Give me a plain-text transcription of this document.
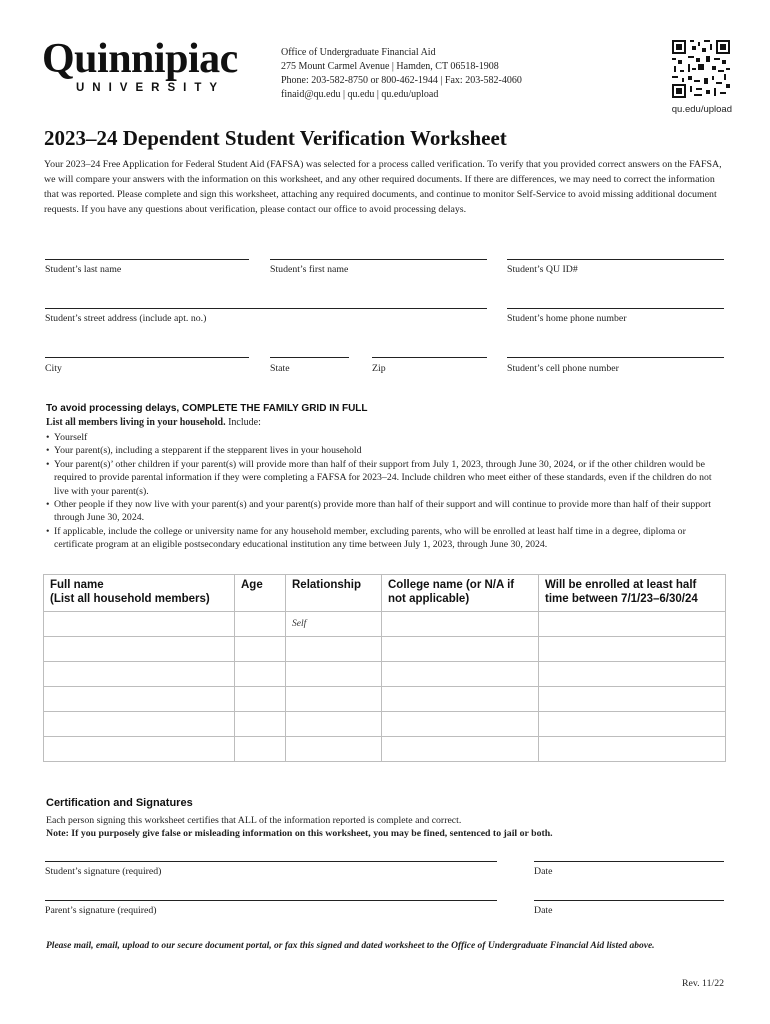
Quinnipiac
UNIVERSITY
Office of Undergraduate Financial Aid
275 Mount Carmel Avenue | Hamden, CT 06518-1908
Phone: 203-582-8750 or 800-462-1944 | Fax: 203-582-4060
finaid@qu.edu | qu.edu | qu.edu/upload
qu.edu/upload
2023–24 Dependent Student Verification Worksheet
Your 2023–24 Free Application for Federal Student Aid (FAFSA) was selected for a process called verification. To verify that you provided correct answers on the FAFSA, we will compare your answers with the information on this worksheet, and any other required documents. If there are differences, we may need to correct the information that was reported. Please complete and sign this worksheet, attaching any required documents, and continue to monitor Self-Service to avoid missing additional document requests. If you have any questions about verification, please contact our office to avoid processing delays.
Student’s last name	Student’s first name	Student’s QU ID#
Student’s street address (include apt. no.)	Student’s home phone number
City	State	Zip	Student’s cell phone number
To avoid processing delays, COMPLETE THE FAMILY GRID IN FULL
List all members living in your household. Include:
• Yourself
• Your parent(s), including a stepparent if the stepparent lives in your household
• Your parent(s)’ other children if your parent(s) will provide more than half of their support from July 1, 2023, through June 30, 2024, or if the other children would be required to provide parental information if they were completing a FAFSA for 2023–24. Include children who meet either of these standards, even if the children do not live with your parent(s).
• Other people if they now live with your parent(s) and your parent(s) provide more than half of their support and will continue to provide more than half of their support through June 30, 2024.
• If applicable, include the college or university name for any household member, excluding parents, who will be enrolled at least half time in a degree, diploma or certificate program at an eligible postsecondary educational institution any time between July 1, 2023, through June 30, 2024.
Full name
(List all household members)	Age	Relationship	College name (or N/A if not applicable)	Will be enrolled at least half time between 7/1/23–6/30/24
		Self		

Certification and Signatures
Each person signing this worksheet certifies that ALL of the information reported is complete and correct.
Note: If you purposely give false or misleading information on this worksheet, you may be fined, sentenced to jail or both.
Student’s signature (required)	Date
Parent’s signature (required)	Date
Please mail, email, upload to our secure document portal, or fax this signed and dated worksheet to the Office of Undergraduate Financial Aid listed above.
Rev. 11/22
